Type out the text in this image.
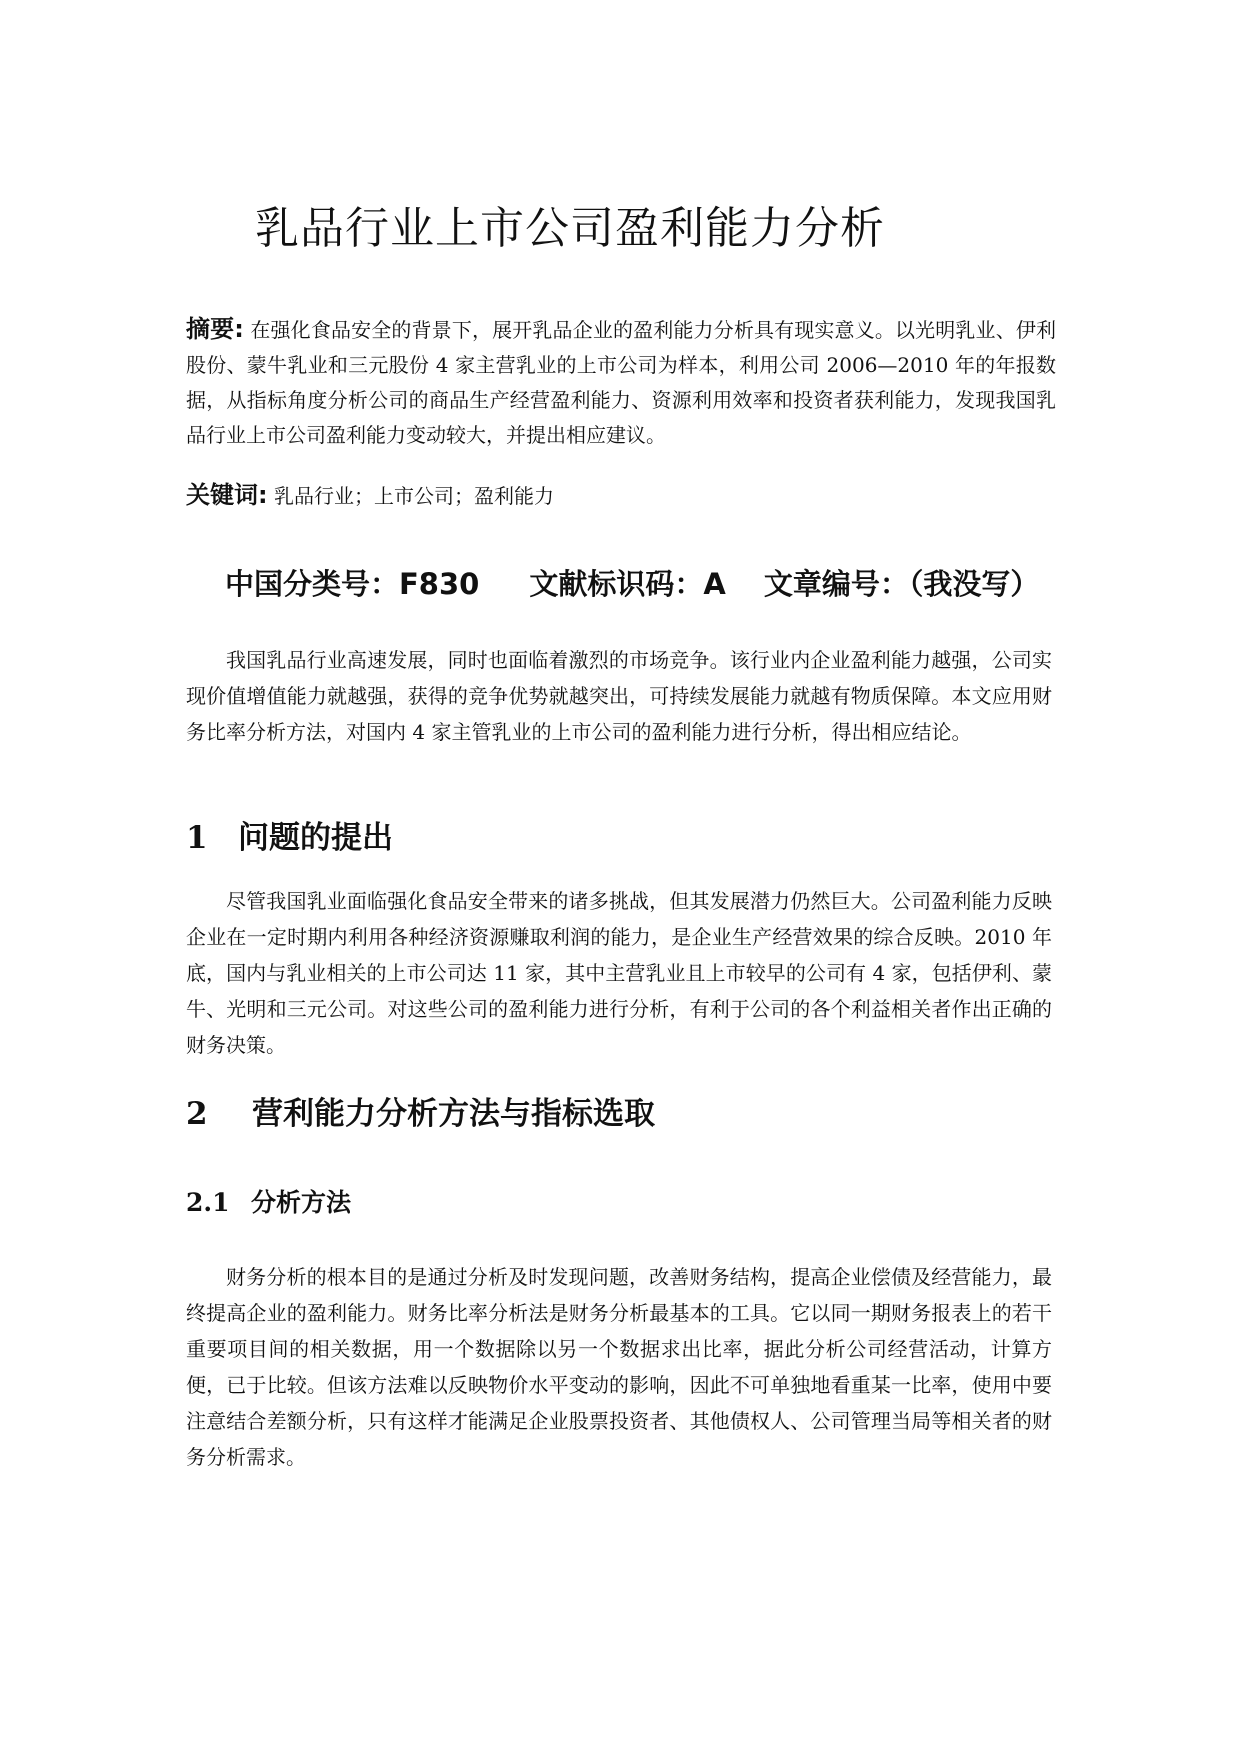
乳品行业上市公司盈利能力分析

摘要: 在强化食品安全的背景下，展开乳品企业的盈利能力分析具有现实意义。以光明乳业、伊利股份、蒙牛乳业和三元股份 4 家主营乳业的上市公司为样本，利用公司 2006—2010 年的年报数据，从指标角度分析公司的商品生产经营盈利能力、资源利用效率和投资者获利能力，发现我国乳品行业上市公司盈利能力变动较大，并提出相应建议。

关键词: 乳品行业；上市公司；盈利能力

中国分类号：F830 文献标识码：A 文章编号：（我没写）

我国乳品行业高速发展，同时也面临着激烈的市场竞争。该行业内企业盈利能力越强，公司实现价值增值能力就越强，获得的竞争优势就越突出，可持续发展能力就越有物质保障。本文应用财务比率分析方法，对国内 4 家主管乳业的上市公司的盈利能力进行分析，得出相应结论。

1 问题的提出

尽管我国乳业面临强化食品安全带来的诸多挑战，但其发展潜力仍然巨大。公司盈利能力反映企业在一定时期内利用各种经济资源赚取利润的能力，是企业生产经营效果的综合反映。2010 年底，国内与乳业相关的上市公司达 11 家，其中主营乳业且上市较早的公司有 4 家，包括伊利、蒙牛、光明和三元公司。对这些公司的盈利能力进行分析，有利于公司的各个利益相关者作出正确的财务决策。

2 营利能力分析方法与指标选取
2.1 分析方法

财务分析的根本目的是通过分析及时发现问题，改善财务结构，提高企业偿债及经营能力，最终提高企业的盈利能力。财务比率分析法是财务分析最基本的工具。它以同一期财务报表上的若干重要项目间的相关数据，用一个数据除以另一个数据求出比率，据此分析公司经营活动，计算方便，已于比较。但该方法难以反映物价水平变动的影响，因此不可单独地看重某一比率，使用中要注意结合差额分析，只有这样才能满足企业股票投资者、其他债权人、公司管理当局等相关者的财务分析需求。
